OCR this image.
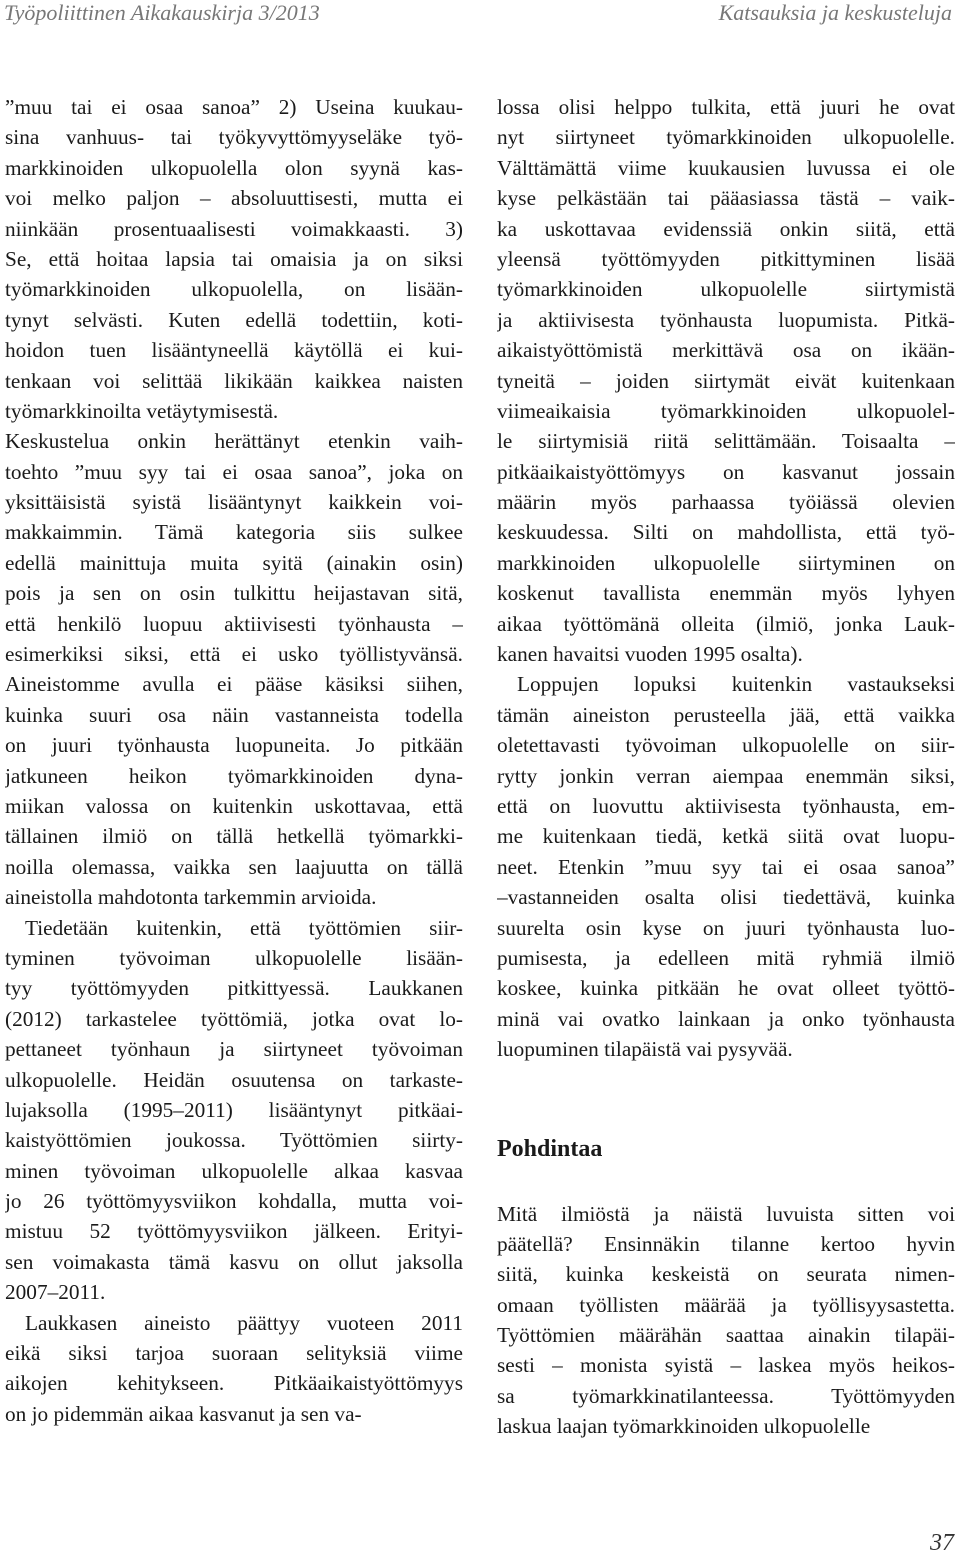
Työpoliittinen Aikakauskirja 3/2013	Katsauksia ja keskusteluja
”muu tai ei osaa sanoa” 2) Useina kuukau-
sina vanhuus- tai työkyvyttömyyseläke työ-
markkinoiden ulkopuolella olon syynä kas-
voi melko paljon – absoluuttisesti, mutta ei
niinkään prosentuaalisesti voimakkaasti. 3)
Se, että hoitaa lapsia tai omaisia ja on siksi
työmarkkinoiden ulkopuolella, on lisään-
tynyt selvästi. Kuten edellä todettiin, koti-
hoidon tuen lisääntyneellä käytöllä ei kui-
tenkaan voi selittää likikään kaikkea naisten
työmarkkinoilta vetäytymisestä.
Keskustelua onkin herättänyt etenkin vaih-
toehto ”muu syy tai ei osaa sanoa”, joka on
yksittäisistä syistä lisääntynyt kaikkein voi-
makkaimmin. Tämä kategoria siis sulkee
edellä mainittuja muita syitä (ainakin osin)
pois ja sen on osin tulkittu heijastavan sitä,
että henkilö luopuu aktiivisesti työnhausta –
esimerkiksi siksi, että ei usko työllistyvänsä.
Aineistomme avulla ei pääse käsiksi siihen,
kuinka suuri osa näin vastanneista todella
on juuri työnhausta luopuneita. Jo pitkään
jatkuneen heikon työmarkkinoiden dyna-
miikan valossa on kuitenkin uskottavaa, että
tällainen ilmiö on tällä hetkellä työmarkki-
noilla olemassa, vaikka sen laajuutta on tällä
aineistolla mahdotonta tarkemmin arvioida.
Tiedetään kuitenkin, että työttömien siir-
tyminen työvoiman ulkopuolelle lisään-
tyy työttömyyden pitkittyessä. Laukkanen
(2012) tarkastelee työttömiä, jotka ovat lo-
pettaneet työnhaun ja siirtyneet työvoiman
ulkopuolelle. Heidän osuutensa on tarkaste-
lujaksolla (1995–2011) lisääntynyt pitkäai-
kaistyöttömien joukossa. Työttömien siirty-
minen työvoiman ulkopuolelle alkaa kasvaa
jo 26 työttömyysviikon kohdalla, mutta voi-
mistuu 52 työttömyysviikon jälkeen. Erityi-
sen voimakasta tämä kasvu on ollut jaksolla
2007–2011.
Laukkasen aineisto päättyy vuoteen 2011
eikä siksi tarjoa suoraan selityksiä viime
aikojen kehitykseen. Pitkäaikaistyöttömyys
on jo pidemmän aikaa kasvanut ja sen va-
lossa olisi helppo tulkita, että juuri he ovat
nyt siirtyneet työmarkkinoiden ulkopuolelle.
Välttämättä viime kuukausien luvussa ei ole
kyse pelkästään tai pääasiassa tästä – vaik-
ka uskottavaa evidenssiä onkin siitä, että
yleensä työttömyyden pitkittyminen lisää
työmarkkinoiden ulkopuolelle siirtymistä
ja aktiivisesta työnhausta luopumista. Pitkä-
aikaistyöttömistä merkittävä osa on ikään-
tyneitä – joiden siirtymät eivät kuitenkaan
viimeaikaisia työmarkkinoiden ulkopuolel-
le siirtymisiä riitä selittämään. Toisaalta –
pitkäaikaistyöttömyys on kasvanut jossain
määrin myös parhaassa työiässä olevien
keskuudessa. Silti on mahdollista, että työ-
markkinoiden ulkopuolelle siirtyminen on
koskenut tavallista enemmän myös lyhyen
aikaa työttömänä olleita (ilmiö, jonka Lauk-
kanen havaitsi vuoden 1995 osalta).
Loppujen lopuksi kuitenkin vastaukseksi
tämän aineiston perusteella jää, että vaikka
oletettavasti työvoiman ulkopuolelle on siir-
rytty jonkin verran aiempaa enemmän siksi,
että on luovuttu aktiivisesta työnhausta, em-
me kuitenkaan tiedä, ketkä siitä ovat luopu-
neet. Etenkin ”muu syy tai ei osaa sanoa”
–vastanneiden osalta olisi tiedettävä, kuinka
suurelta osin kyse on juuri työnhausta luo-
pumisesta, ja edelleen mitä ryhmiä ilmiö
koskee, kuinka pitkään he ovat olleet työttö-
minä vai ovatko lainkaan ja onko työnhausta
luopuminen tilapäistä vai pysyvää.
Pohdintaa
Mitä ilmiöstä ja näistä luvuista sitten voi
päätellä? Ensinnäkin tilanne kertoo hyvin
siitä, kuinka keskeistä on seurata nimen-
omaan työllisten määrää ja työllisyysastetta.
Työttömien määrähän saattaa ainakin tilapäi-
sesti – monista syistä – laskea myös heikos-
sa työmarkkinatilanteessa. Työttömyyden
laskua laajan työmarkkinoiden ulkopuolelle
37
